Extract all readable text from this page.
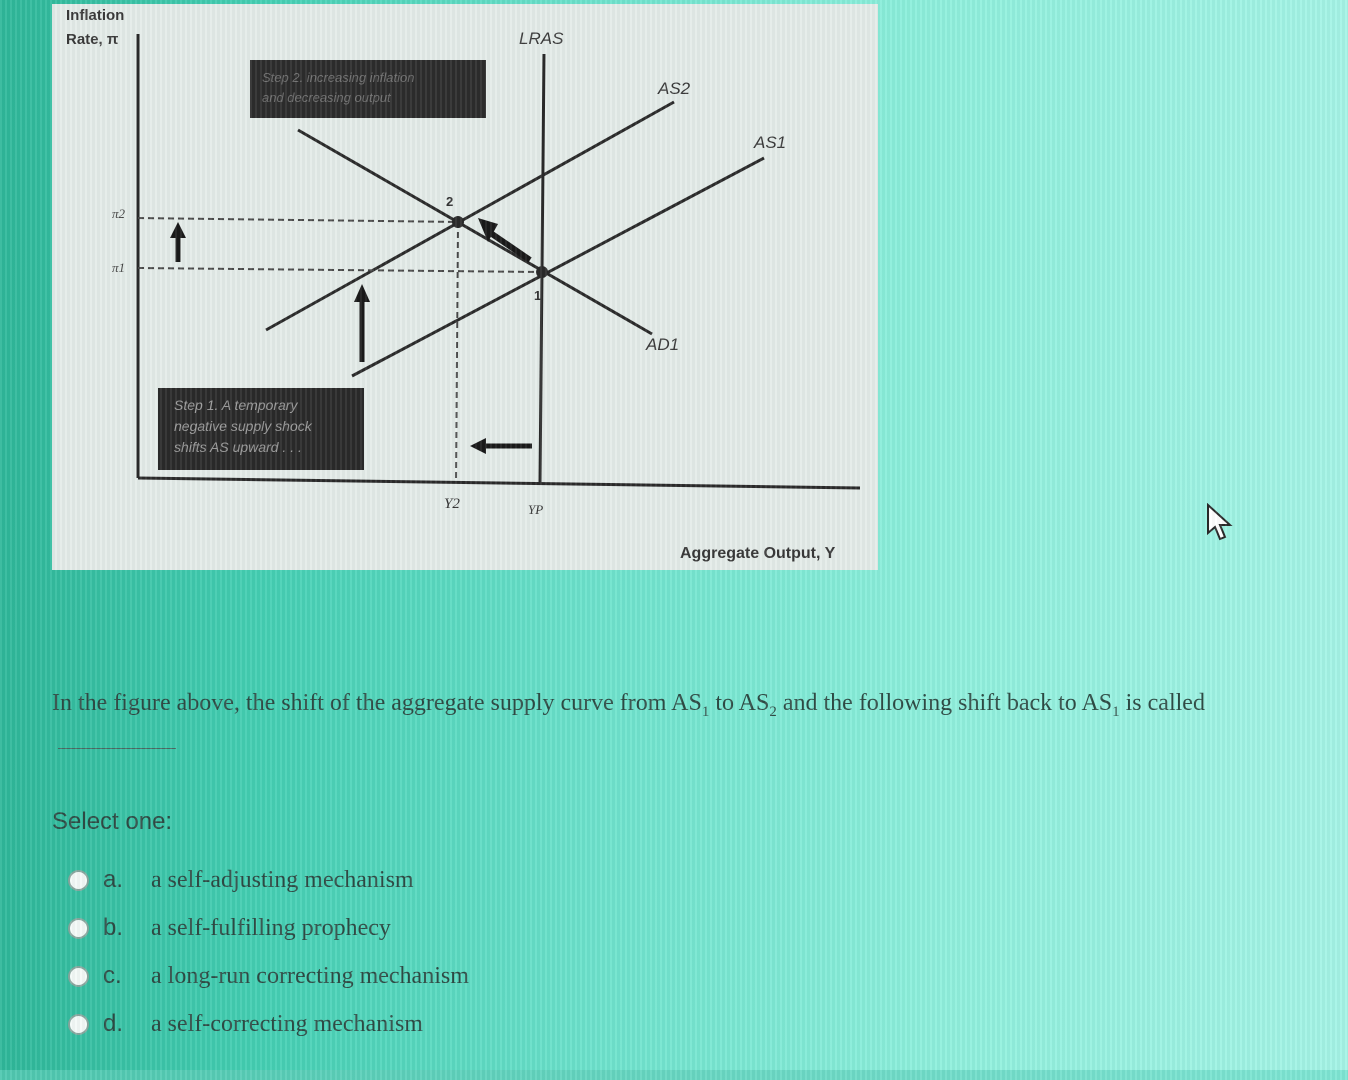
Inflation
Rate, π	LRAS
AS2
AS1
AD1
π2
π1
Y2	YP
2
1
Step 2. increasing inflation
and decreasing output
Step 1. A temporary
negative supply shock
shifts AS upward . . .
Aggregate Output, Y
In the figure above, the shift of the aggregate supply curve from $AS_1$ to $AS_2$ and the following shift back to $AS_1$ is called
Select one:
a.	a self-adjusting mechanism
b.	a self-fulfilling prophecy
c.	a long-run correcting mechanism
d.	a self-correcting mechanism
